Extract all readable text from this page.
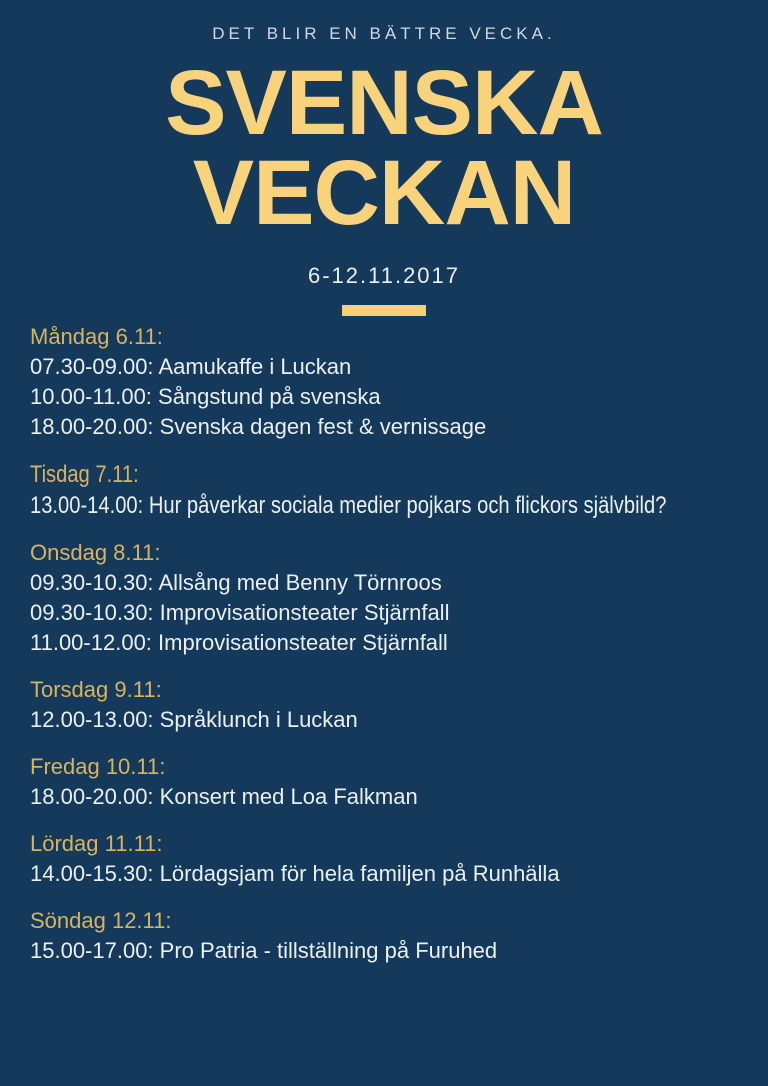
DET BLIR EN BÄTTRE VECKA.
SVENSKA
VECKAN
6-12.11.2017
Måndag 6.11:

07.30-09.00: Aamukaffe i Luckan

10.00-11.00: Sångstund på svenska

18.00-20.00: Svenska dagen fest & vernissage

Tisdag 7.11:

13.00-14.00: Hur påverkar sociala medier pojkars och flickors självbild?

Onsdag 8.11:

09.30-10.30: Allsång med Benny Törnroos

09.30-10.30: Improvisationsteater Stjärnfall

11.00-12.00: Improvisationsteater Stjärnfall

Torsdag 9.11:

12.00-13.00: Språklunch i Luckan

Fredag 10.11:

18.00-20.00: Konsert med Loa Falkman

Lördag 11.11:

14.00-15.30: Lördagsjam för hela familjen på Runhälla

Söndag 12.11:

15.00-17.00: Pro Patria - tillställning på Furuhed
